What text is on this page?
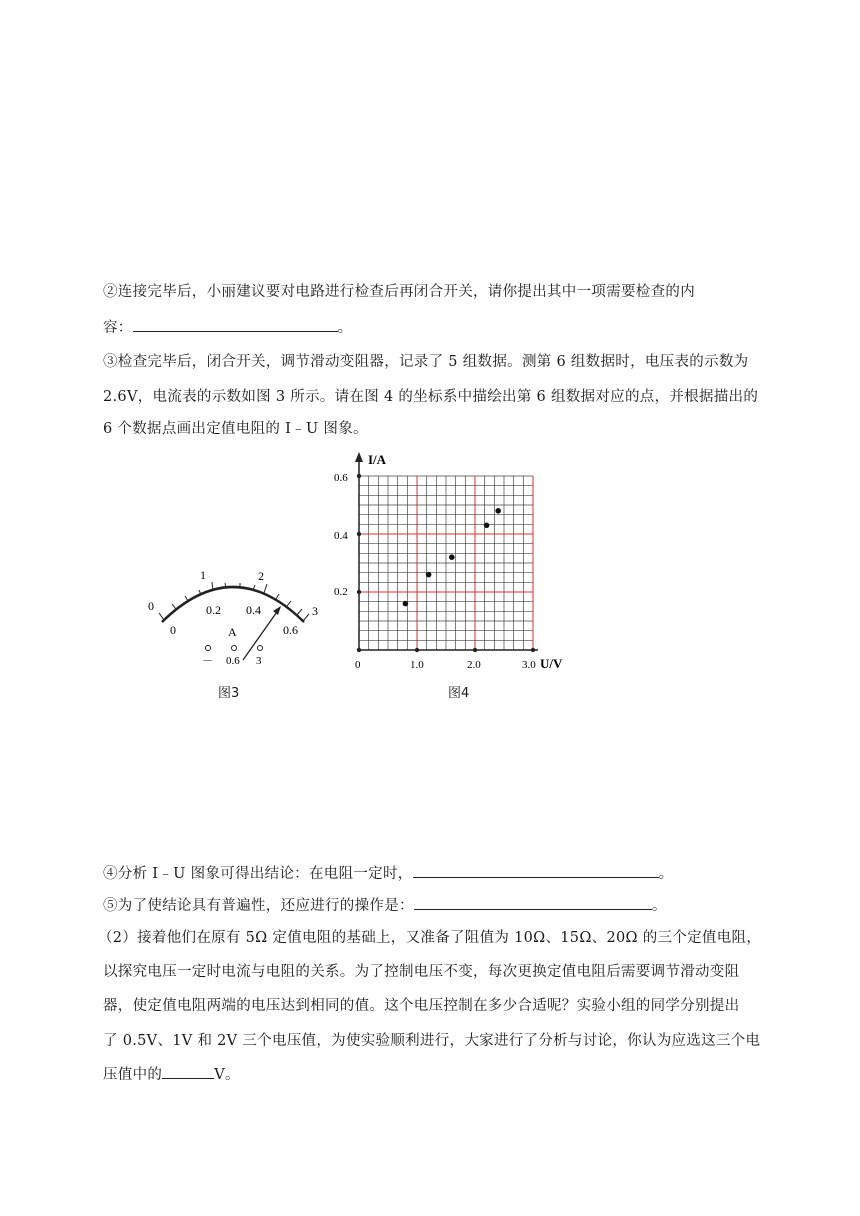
②连接完毕后，小丽建议要对电路进行检查后再闭合开关，请你提出其中一项需要检查的内
容：	。
③检查完毕后，闭合开关，调节滑动变阻器，记录了 5 组数据。测第 6 组数据时，电压表的示数为
2.6V，电流表的示数如图 3 所示。请在图 4 的坐标系中描绘出第 6 组数据对应的点，并根据描出的
6 个数据点画出定值电阻的 I﹣U 图象。
0
1	2
3
0
0.2 0.4
0.6
A
－ 0.6 3
图3
I/A
U/V
0.6
0.4
0.2
0	1.0	2.0	3.0
图4
④分析 I﹣U 图象可得出结论：在电阻一定时，	。
⑤为了使结论具有普遍性，还应进行的操作是：	。
（2）接着他们在原有 5Ω 定值电阻的基础上，又准备了阻值为 10Ω、15Ω、20Ω 的三个定值电阻，
以探究电压一定时电流与电阻的关系。为了控制电压不变，每次更换定值电阻后需要调节滑动变阻
器，使定值电阻两端的电压达到相同的值。这个电压控制在多少合适呢？实验小组的同学分别提出
了 0.5V、1V 和 2V 三个电压值，为使实验顺利进行，大家进行了分析与讨论，你认为应选这三个电
压值中的	V。
